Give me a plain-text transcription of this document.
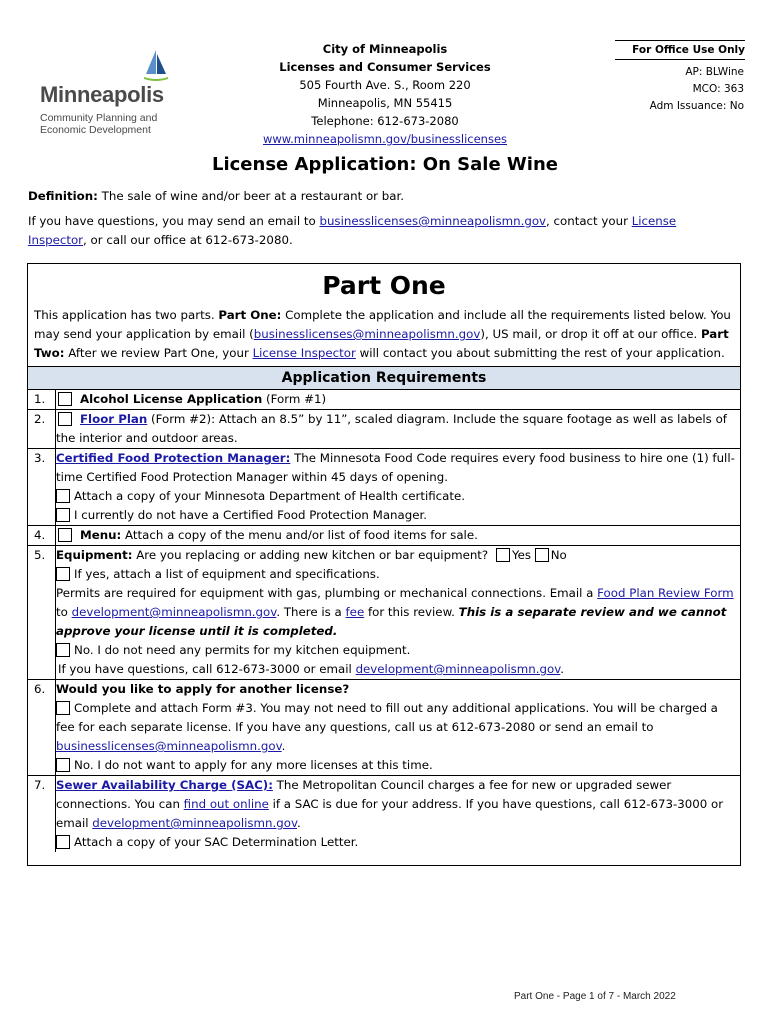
Minneapolis
Community Planning and
Economic Development
City of Minneapolis
Licenses and Consumer Services
505 Fourth Ave. S., Room 220
Minneapolis, MN 55415
Telephone: 612-673-2080
www.minneapolismn.gov/businesslicenses
For Office Use Only
AP: BLWine
MCO: 363
Adm Issuance: No
License Application: On Sale Wine

Definition: The sale of wine and/or beer at a restaurant or bar.

If you have questions, you may send an email to businesslicenses@minneapolismn.gov, contact your License Inspector, or call our office at 612-673-2080.

Part One
This application has two parts. Part One: Complete the application and include all the requirements listed below. You may send your application by email (businesslicenses@minneapolismn.gov), US mail, or drop it off at our office. Part Two: After we review Part One, your License Inspector will contact you about submitting the rest of your application.
Application Requirements
1.	Alcohol License Application (Form #1)
2.	Floor Plan (Form #2): Attach an 8.5” by 11”, scaled diagram. Include the square footage as well as labels of the interior and outdoor areas.
3. Certified Food Protection Manager: The Minnesota Food Code requires every food business to hire one (1) full-time Certified Food Protection Manager within 45 days of opening.
Attach a copy of your Minnesota Department of Health certificate.
I currently do not have a Certified Food Protection Manager.
4.	Menu: Attach a copy of the menu and/or list of food items for sale.
5. Equipment: Are you replacing or adding new kitchen or bar equipment? Yes No
If yes, attach a list of equipment and specifications.
Permits are required for equipment with gas, plumbing or mechanical connections. Email a Food Plan Review Form to development@minneapolismn.gov. There is a fee for this review. This is a separate review and we cannot approve your license until it is completed.
No. I do not need any permits for my kitchen equipment.
If you have questions, call 612-673-3000 or email development@minneapolismn.gov.
6. Would you like to apply for another license?
Complete and attach Form #3. You may not need to fill out any additional applications. You will be charged a fee for each separate license. If you have any questions, call us at 612-673-2080 or send an email to businesslicenses@minneapolismn.gov.
No. I do not want to apply for any more licenses at this time.
7. Sewer Availability Charge (SAC): The Metropolitan Council charges a fee for new or upgraded sewer connections. You can find out online if a SAC is due for your address. If you have questions, call 612-673-3000 or email development@minneapolismn.gov.
Attach a copy of your SAC Determination Letter.
Part One - Page 1 of 7 - March 2022
